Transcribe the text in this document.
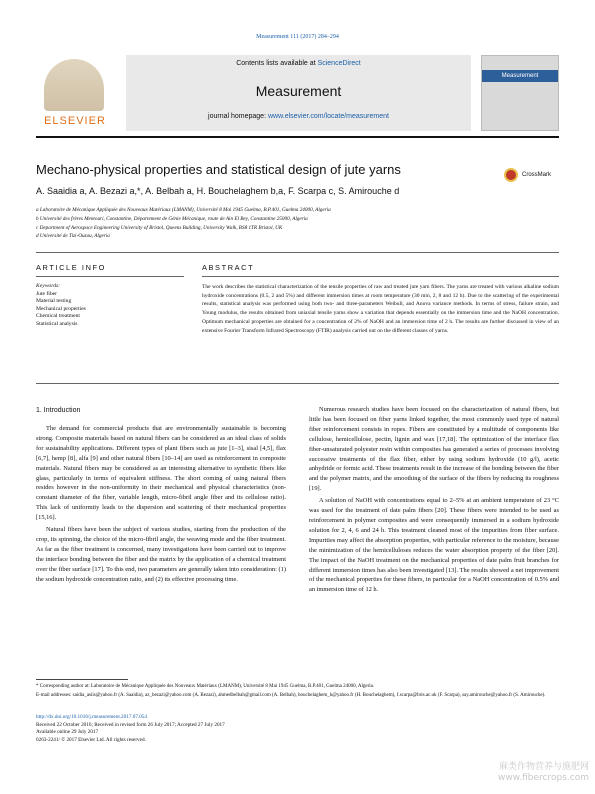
Measurement 111 (2017) 284–294
ELSEVIER
Contents lists available at ScienceDirect
Measurement
journal homepage: www.elsevier.com/locate/measurement
Measurement
Mechano-physical properties and statistical design of jute yarns	CrossMark
A. Saaidia a, A. Bezazi a,*, A. Belbah a, H. Bouchelaghem b,a, F. Scarpa c, S. Amirouche d
a Laboratoire de Mécanique Appliquée des Nouveaux Matériaux (LMANM), Université 8 Mai 1945 Guelma, B.P.401, Guelma 24000, Algeria
b Université des frères Mentouri, Constantine, Département de Génie Mécanique, route de Ain El Bey, Constantine 25000, Algeria
c Department of Aerospace Engineering University of Bristol, Queens Building, University Walk, BS8 1TR Bristol, UK
d Université de Tizi-Ouzou, Algeria
ARTICLE INFO	ABSTRACT
Keywords:
Jute fiber
Material testing
Mechanical properties
Chemical treatment
Statistical analysis
The work describes the statistical characterization of the tensile properties of raw and treated jute yarn fibers. The yarns are treated with various alkaline sodium hydroxide concentrations (0.5, 2 and 5%) and different immersion times at room temperature (30 min, 2, 8 and 12 h). Due to the scattering of the experimental results, statistical analysis was performed using both two- and three-parameters Weibull, and Anova variance methods. In terms of stress, failure strain, and Young modulus, the results obtained from uniaxial tensile yarns show a variation that depends essentially on the immersion time and the NaOH concentration. Optimum mechanical properties are obtained for a concentration of 2% of NaOH and an immersion time of 2 h. The results are further discussed in view of an extensive Fourier Transform Infrared Spectroscopy (FTIR) analysis carried out on the different classes of yarns.
1. Introduction

The demand for commercial products that are environmentally sustainable is becoming strong. Composite materials based on natural fibers can be considered as an ideal class of solids for sustainability applications. Different types of plant fibers such as jute [1–3], sisal [4,5], flax [6,7], hemp [8], alfa [9] and other natural fibers [10–14] are used as reinforcement in composite materials. Natural fibers may be considered as an interesting alternative to synthetic fibers like glass, particularly in terms of equivalent stiffness. The short coming of using natural fibers resides however in the non-uniformity in their mechanical and physical characteristics (non-constant diameter of the fiber, variable length, micro-fibril angle fiber and its cellulose ratio). This lack of uniformity leads to the dispersion and scattering of their mechanical properties [15,16].

Natural fibers have been the subject of various studies, starting from the production of the crop, its spinning, the choice of the micro-fibril angle, the weaving mode and the fiber treatment. As far as the fiber treatment is concerned, many investigations have been carried out to improve the interface bonding between the fiber and the matrix by the application of a chemical treatment over the fiber surface [17]. To this end, two parameters are generally taken into consideration: (1) the sodium hydroxide concentration ratio, and (2) its effective processing time.

Numerous research studies have been focused on the characterization of natural fibers, but little has been focused on fiber yarns linked together, the most commonly used type of natural fiber reinforcement consists in ropes. Fibers are constituted by a multitude of components like cellulose, hemicellulose, pectin, lignin and wax [17,18]. The optimization of the interface flax fiber-unsaturated polyester resin within composites has generated a series of processes involving successive treatments of the flax fiber, either by using sodium hydroxide (10 g/l), acetic anhydride or formic acid. These treatments result in the increase of the bonding between the fiber and the polymer matrix, and the smoothing of the surface of the fibers by reducing its roughness [19].

A solution of NaOH with concentrations equal to 2–5% at an ambient temperature of 23 °C was used for the treatment of date palm fibers [20]. These fibers were intended to be used as reinforcement in polymer composites and were consequently immersed in a sodium hydroxide solution for 2, 4, 6 and 24 h. This treatment cleaned most of the impurities from fiber surface. Impurities may affect the absorption properties, with particular reference to the moisture, because the minimization of the hemicelluloses reduces the water absorption property of the fiber [20]. The impact of the NaOH treatment on the mechanical properties of date palm fruit branches for different immersion times has also been investigated [13]. The results showed a net improvement of the mechanical properties for these fibers, in particular for a NaOH concentration of 0.5% and an immersion time of 12 h.

* Corresponding author at: Laboratoire de Mécanique Appliquée des Nouveaux Matériaux (LMANM), Université 8 Mai 1945 Guelma, B.P.401, Guelma 24000, Algeria.
E-mail addresses: saidia_asiis@yahoo.fr (A. Saaidia), az_bezazi@yahoo.com (A. Bezazi), ahmedbelbah@gmail.com (A. Belbah), bouchelaghem_h@yahoo.fr (H. Bouchelaghem), f.scarpa@bris.ac.uk (F. Scarpa), say.amirouche@yahoo.fr (S. Amirouche).
http://dx.doi.org/10.1016/j.measurement.2017.07.054
Received 22 October 2016; Received in revised form 26 July 2017; Accepted 27 July 2017
Available online 29 July 2017
0263-2241/ © 2017 Elsevier Ltd. All rights reserved.
麻类作物营养与施肥网
www.fibercrops.com
